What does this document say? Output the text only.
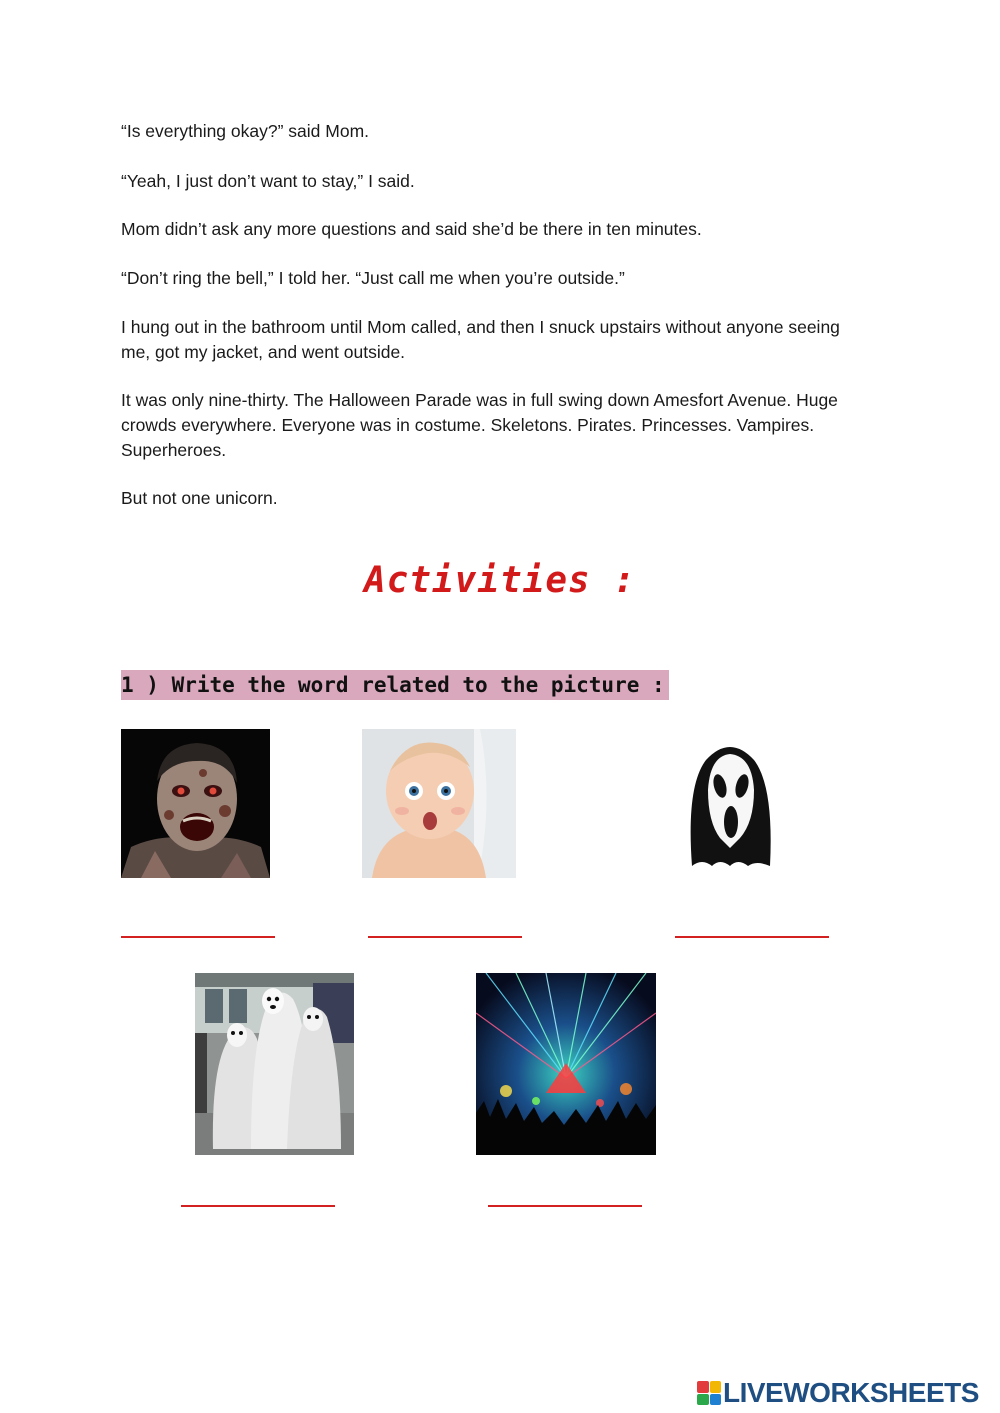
“Is everything okay?” said Mom.

“Yeah, I just don’t want to stay,” I said.

Mom didn’t ask any more questions and said she’d be there in ten minutes.

“Don’t ring the bell,” I told her. “Just call me when you’re outside.”

I hung out in the bathroom until Mom called, and then I snuck upstairs without anyone seeing me, got my jacket, and went outside.

It was only nine-thirty. The Halloween Parade was in full swing down Amesfort Avenue. Huge crowds everywhere. Everyone was in costume. Skeletons. Pirates. Princesses. Vampires. Superheroes.

But not one unicorn.

Activities :
1 ) Write the word related to the picture :
LIVEWORKSHEETS
